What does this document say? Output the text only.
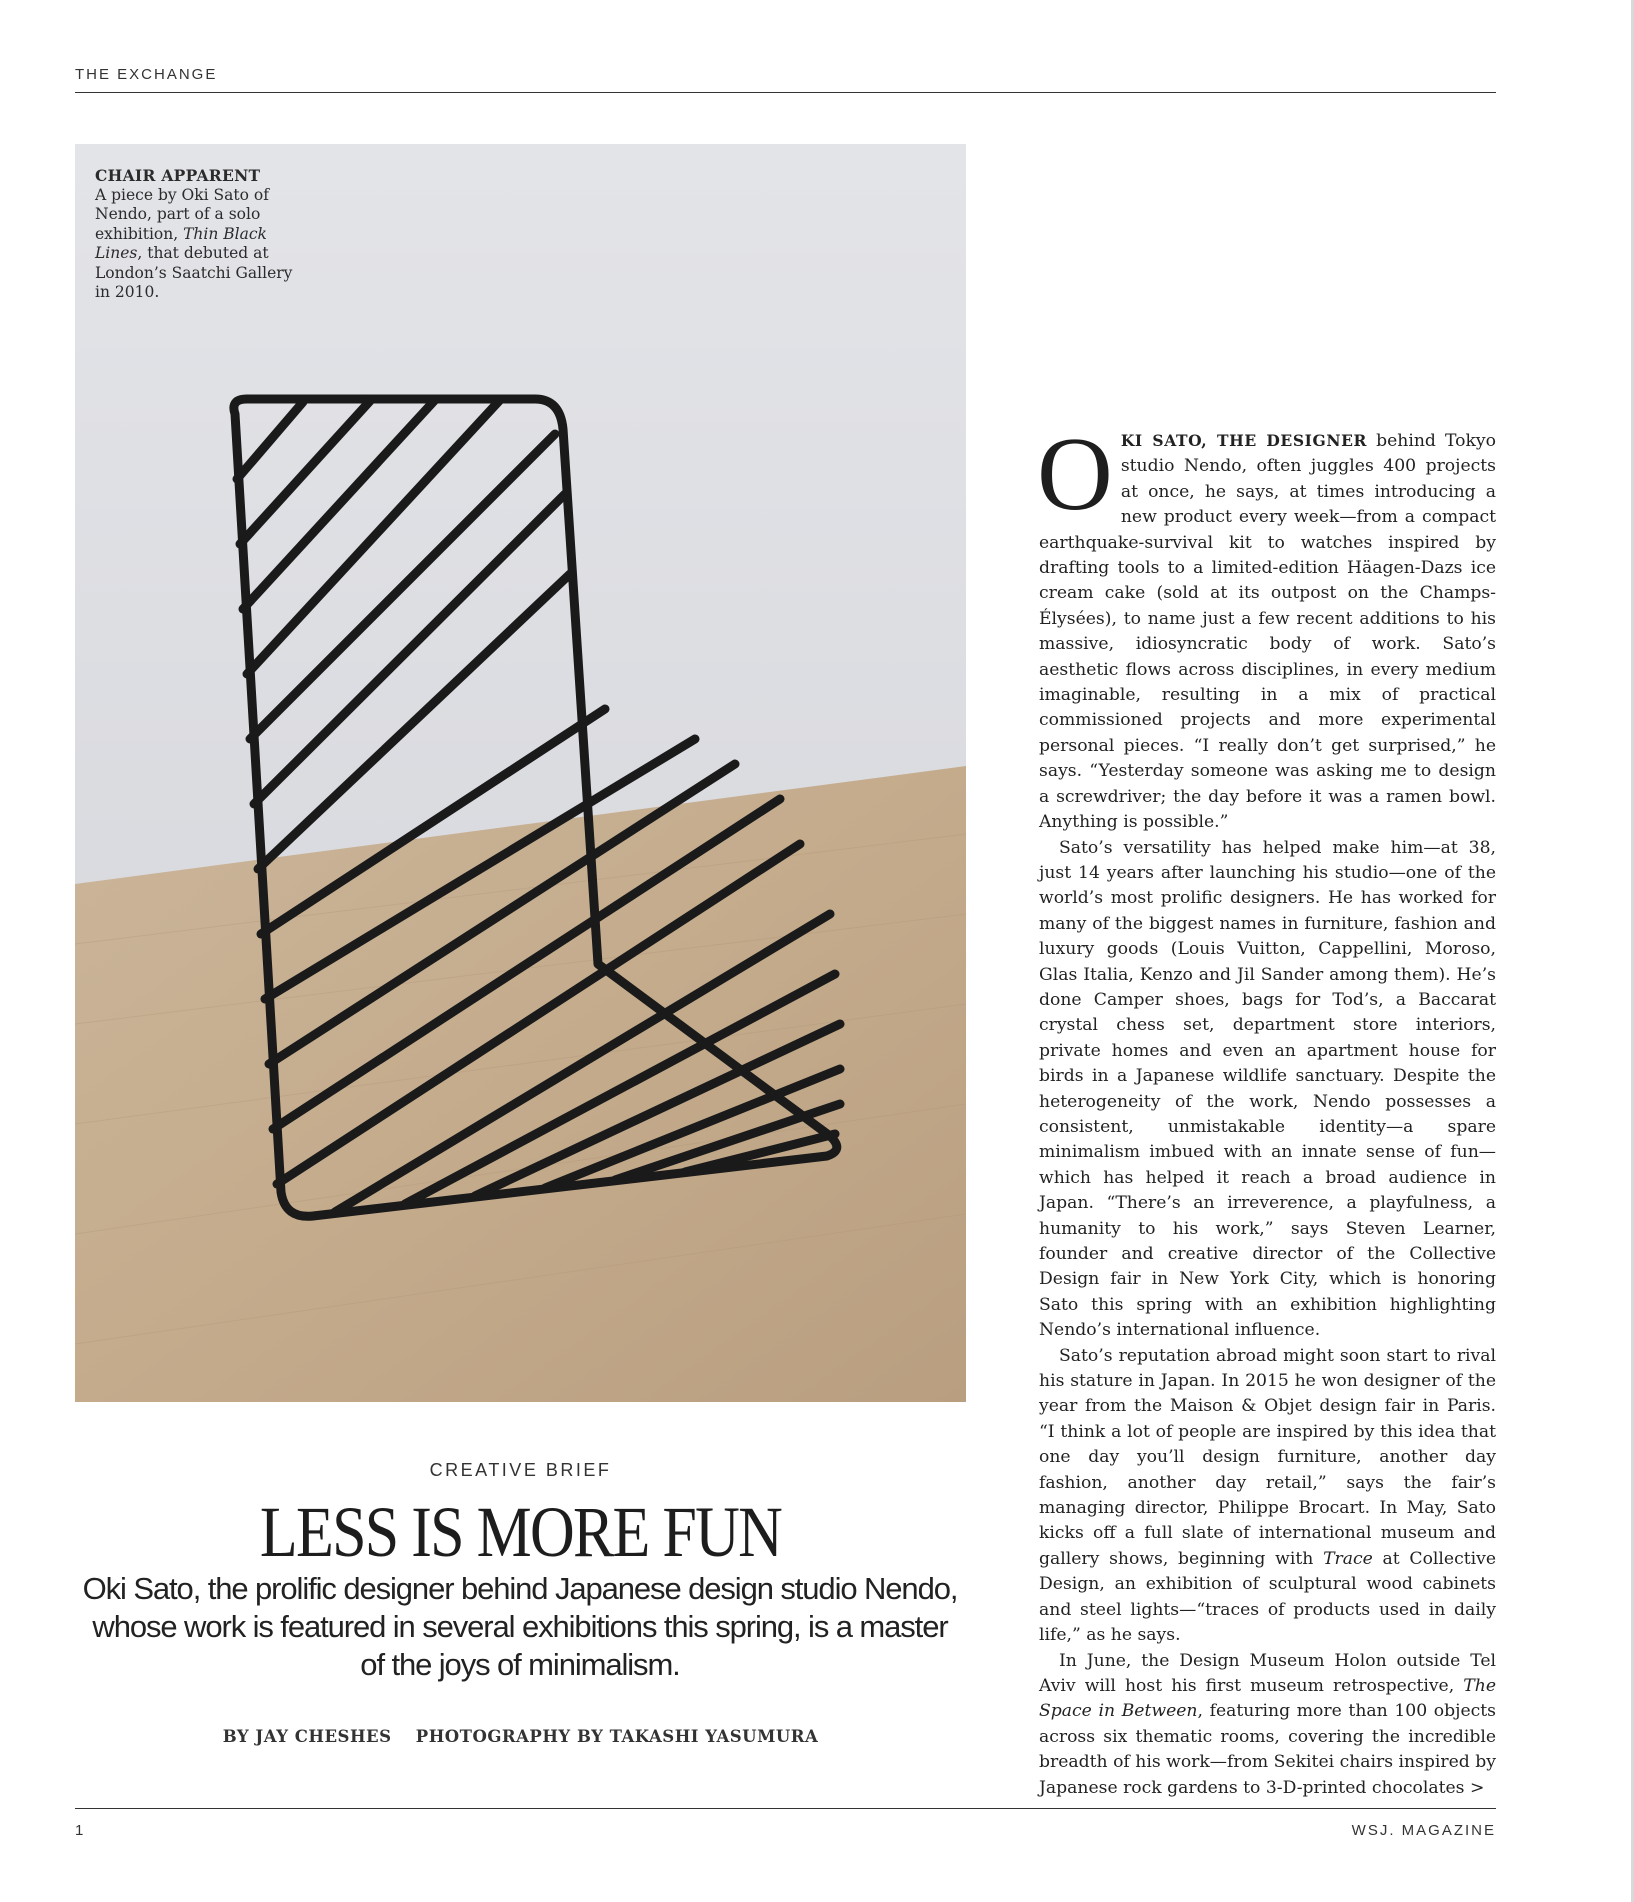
THE EXCHANGE
CHAIR APPARENT
A piece by Oki Sato of Nendo, part of a solo exhibition, Thin Black Lines, that debuted at London’s Saatchi Gallery in 2010.
CREATIVE BRIEF
LESS IS MORE FUN
Oki Sato, the prolific designer behind Japanese design studio Nendo, whose work is featured in several exhibitions this spring, is a master of the joys of minimalism.
BY JAY CHESHES PHOTOGRAPHY BY TAKASHI YASUMURA

OKI SATO, THE DESIGNER behind Tokyo studio Nendo, often juggles 400 projects at once, he says, at times introducing a new product every week—from a compact earthquake-survival kit to watches inspired by drafting tools to a limited-edition Häagen-Dazs ice cream cake (sold at its outpost on the Champs-Élysées), to name just a few recent additions to his massive, idiosyncratic body of work. Sato’s aesthetic flows across disciplines, in every medium imaginable, resulting in a mix of practical commissioned projects and more experimental personal pieces. “I really don’t get surprised,” he says. “Yesterday someone was asking me to design a screwdriver; the day before it was a ramen bowl. Anything is possible.”

Sato’s versatility has helped make him—at 38, just 14 years after launching his studio—one of the world’s most prolific designers. He has worked for many of the biggest names in furniture, fashion and luxury goods (Louis Vuitton, Cappellini, Moroso, Glas Italia, Kenzo and Jil Sander among them). He’s done Camper shoes, bags for Tod’s, a Baccarat crystal chess set, department store interiors, private homes and even an apartment house for birds in a Japanese wildlife sanctuary. Despite the heterogeneity of the work, Nendo possesses a consistent, unmistakable identity—a spare minimalism imbued with an innate sense of fun—which has helped it reach a broad audience in Japan. “There’s an irreverence, a playfulness, a humanity to his work,” says Steven Learner, founder and creative director of the Collective Design fair in New York City, which is honoring Sato this spring with an exhibition highlighting Nendo’s international influence.

Sato’s reputation abroad might soon start to rival his stature in Japan. In 2015 he won designer of the year from the Maison & Objet design fair in Paris. “I think a lot of people are inspired by this idea that one day you’ll design furniture, another day fashion, another day retail,” says the fair’s managing director, Philippe Brocart. In May, Sato kicks off a full slate of international museum and gallery shows, beginning with Trace at Collective Design, an exhibition of sculptural wood cabinets and steel lights—“traces of products used in daily life,” as he says.

In June, the Design Museum Holon outside Tel Aviv will host his first museum retrospective, The Space in Between, featuring more than 100 objects across six thematic rooms, covering the incredible breadth of his work—from Sekitei chairs inspired by Japanese rock gardens to 3-D-printed chocolates >

1	WSJ. MAGAZINE
